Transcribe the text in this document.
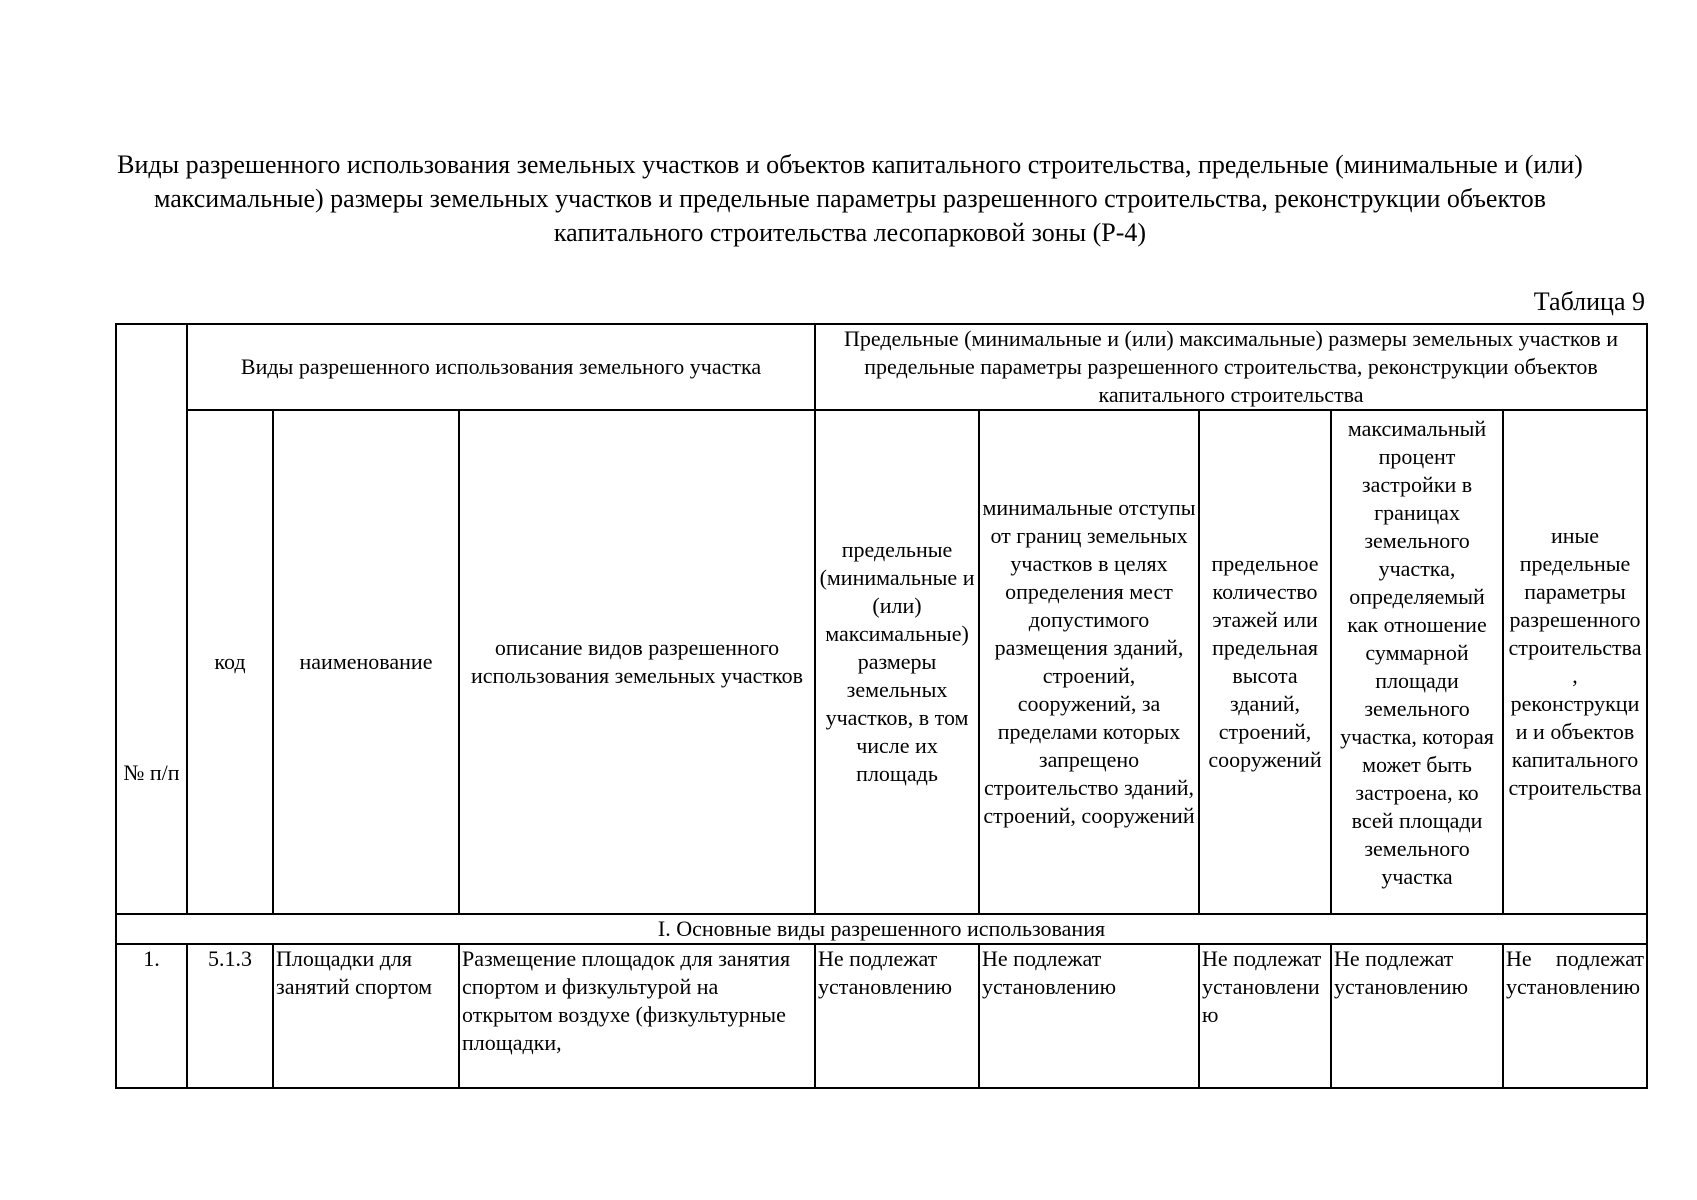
Виды разрешенного использования земельных участков и объектов капитального строительства, предельные (минимальные и (или) максимальные) размеры земельных участков и предельные параметры разрешенного строительства, реконструкции объектов капитального строительства лесопарковой зоны (Р-4)
Таблица 9
№ п/п	Виды разрешенного использования земельного участка			Предельные (минимальные и (или) максимальные) размеры земельных участков и предельные параметры разрешенного строительства, реконструкции объектов капитального строительства				
	код	наименование	описание видов разрешенного использования земельных участков	предельные (минимальные и (или) максимальные) размеры земельных участков, в том числе их площадь	минимальные отступы от границ земельных участков в целях определения мест допустимого размещения зданий, строений, сооружений, за пределами которых запрещено строительство зданий, строений, сооружений	предельное количество этажей или предельная высота зданий, строений, сооружений	максимальный процент застройки в границах земельного участка, определяемый как отношение суммарной площади земельного участка, которая может быть застроена, ко всей площади земельного участка	иные предельные параметры разрешенного строительства, реконструкции и объектов капитального строительства
I. Основные виды разрешенного использования								
1.	5.1.3	Площадки для занятий спортом	Размещение площадок для занятия спортом и физкультурой на открытом воздухе (физкультурные площадки,	Не подлежат установлению	Не подлежат установлению	Не подлежат установлению	Не подлежат установлению	Не подлежат установлению
